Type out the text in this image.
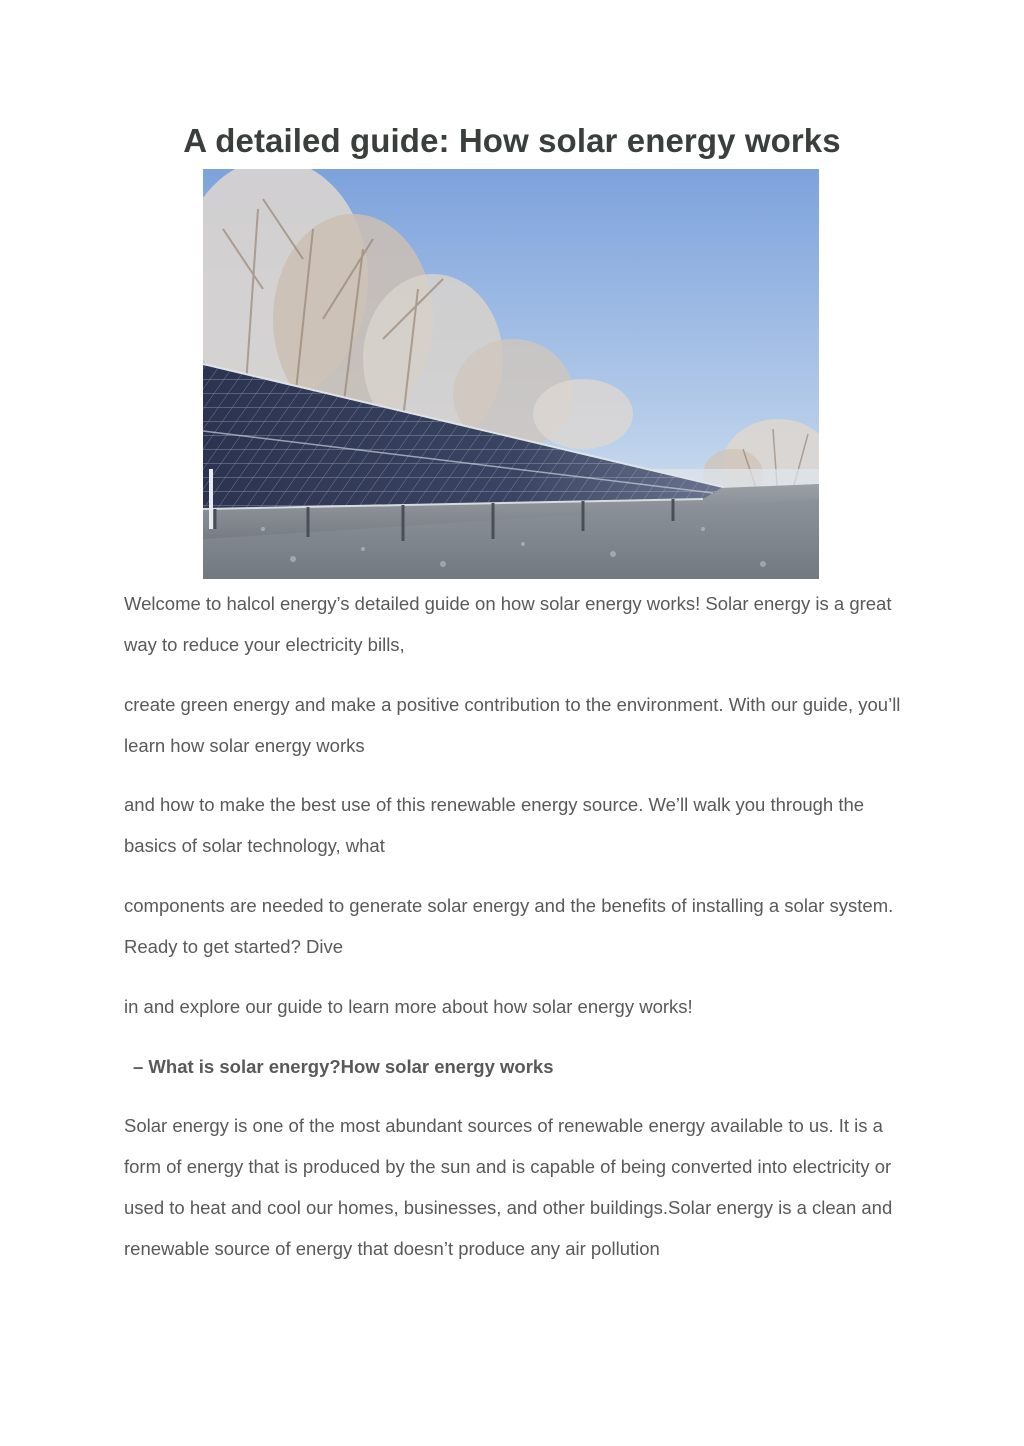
A detailed guide: How solar energy works

Welcome to halcol energy’s detailed guide on how solar energy works! Solar energy is a great way to reduce your electricity bills,

create green energy and make a positive contribution to the environment. With our guide, you’ll learn how solar energy works

and how to make the best use of this renewable energy source. We’ll walk you through the basics of solar technology, what

components are needed to generate solar energy and the benefits of installing a solar system. Ready to get started? Dive

in and explore our guide to learn more about how solar energy works!

– What is solar energy?How solar energy works

Solar energy is one of the most abundant sources of renewable energy available to us. It is a form of energy that is produced by the sun and is capable of being converted into electricity or used to heat and cool our homes, businesses, and other buildings.Solar energy is a clean and renewable source of energy that doesn’t produce any air pollution
